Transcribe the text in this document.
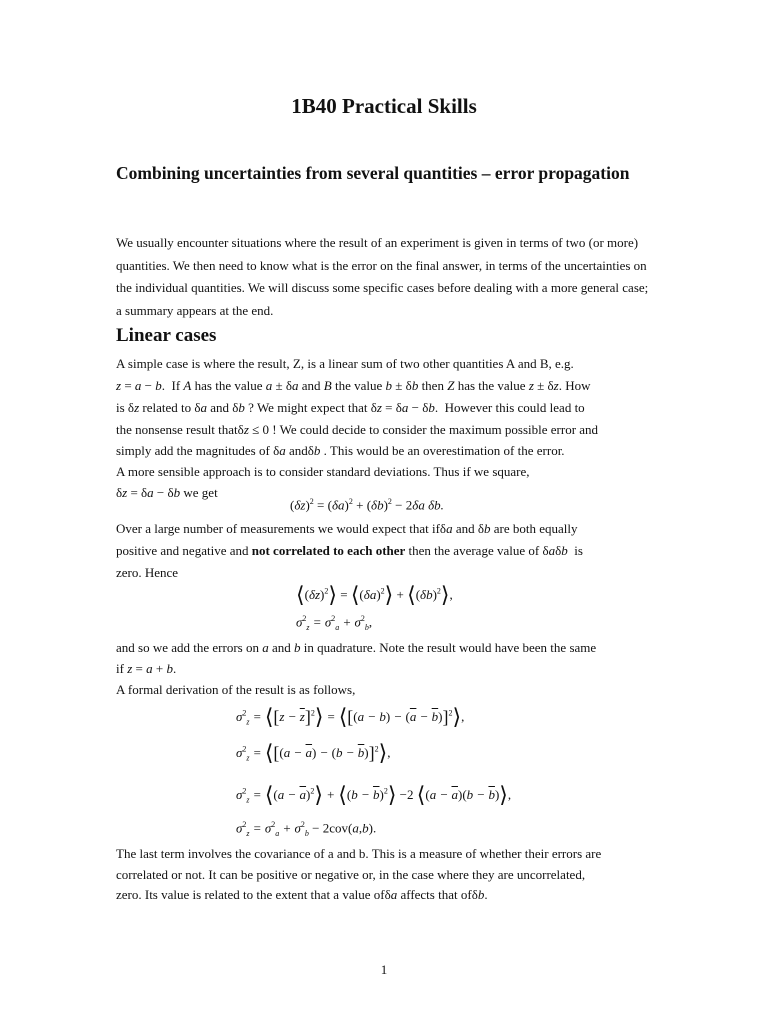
1B40 Practical Skills
Combining uncertainties from several quantities – error propagation
We usually encounter situations where the result of an experiment is given in terms of two (or more) quantities. We then need to know what is the error on the final answer, in terms of the uncertainties on the individual quantities. We will discuss some specific cases before dealing with a more general case; a summary appears at the end.
Linear cases
A simple case is where the result, Z, is a linear sum of two other quantities A and B, e.g.
z = a − b.  If A has the value a ± δa and B the value b ± δb then Z has the value z ± δz. How
is δz related to δa and δb ? We might expect that δz = δa − δb.  However this could lead to
the nonsense result thatδz ≤ 0 ! We could decide to consider the maximum possible error and
simply add the magnitudes of δa andδb . This would be an overestimation of the error.
A more sensible approach is to consider standard deviations. Thus if we square,
δz = δa − δb we get
$(\delta z)^2 = (\delta a)^2 + (\delta b)^2 - 2\delta a$ δb.
Over a large number of measurements we would expect that ifδa and δb are both equally
positive and negative and not correlated to each other then the average value of δaδb is
zero. Hence
$⟨(\delta z)^2⟩$ = $⟨(\delta a)^2⟩$ + $⟨(\delta b)^2⟩$,
$\sigma^2_z = \sigma^2_a + \sigma^2_b$,
and so we add the errors on a and b in quadrature. Note the result would have been the same
if z = a + b.
A formal derivation of the result is as follows,
$\sigma^2_z$ = ⟨[z − $\overline{z}]^2⟩$ = ⟨[(a − $b) - (\overline{a}$ − $\overline{b})]^2⟩$,
$\sigma^2_z$ = ⟨[(a − $\overline{a}) - (b$ − $\overline{b})]^2⟩$,
$\sigma^2_z$ = ⟨(a − $\overline{a})^2⟩$ + ⟨(b − $\overline{b})^2⟩ -2$ ⟨(a − $\overline{a})(b$ − $\overline{b})⟩$,
$\sigma^2_z = \sigma^2_a + \sigma^2_b - 2cov(a,b)$.
The last term involves the covariance of a and b. This is a measure of whether their errors are
correlated or not. It can be positive or negative or, in the case where they are uncorrelated,
zero. Its value is related to the extent that a value ofδa affects that ofδb.
1
